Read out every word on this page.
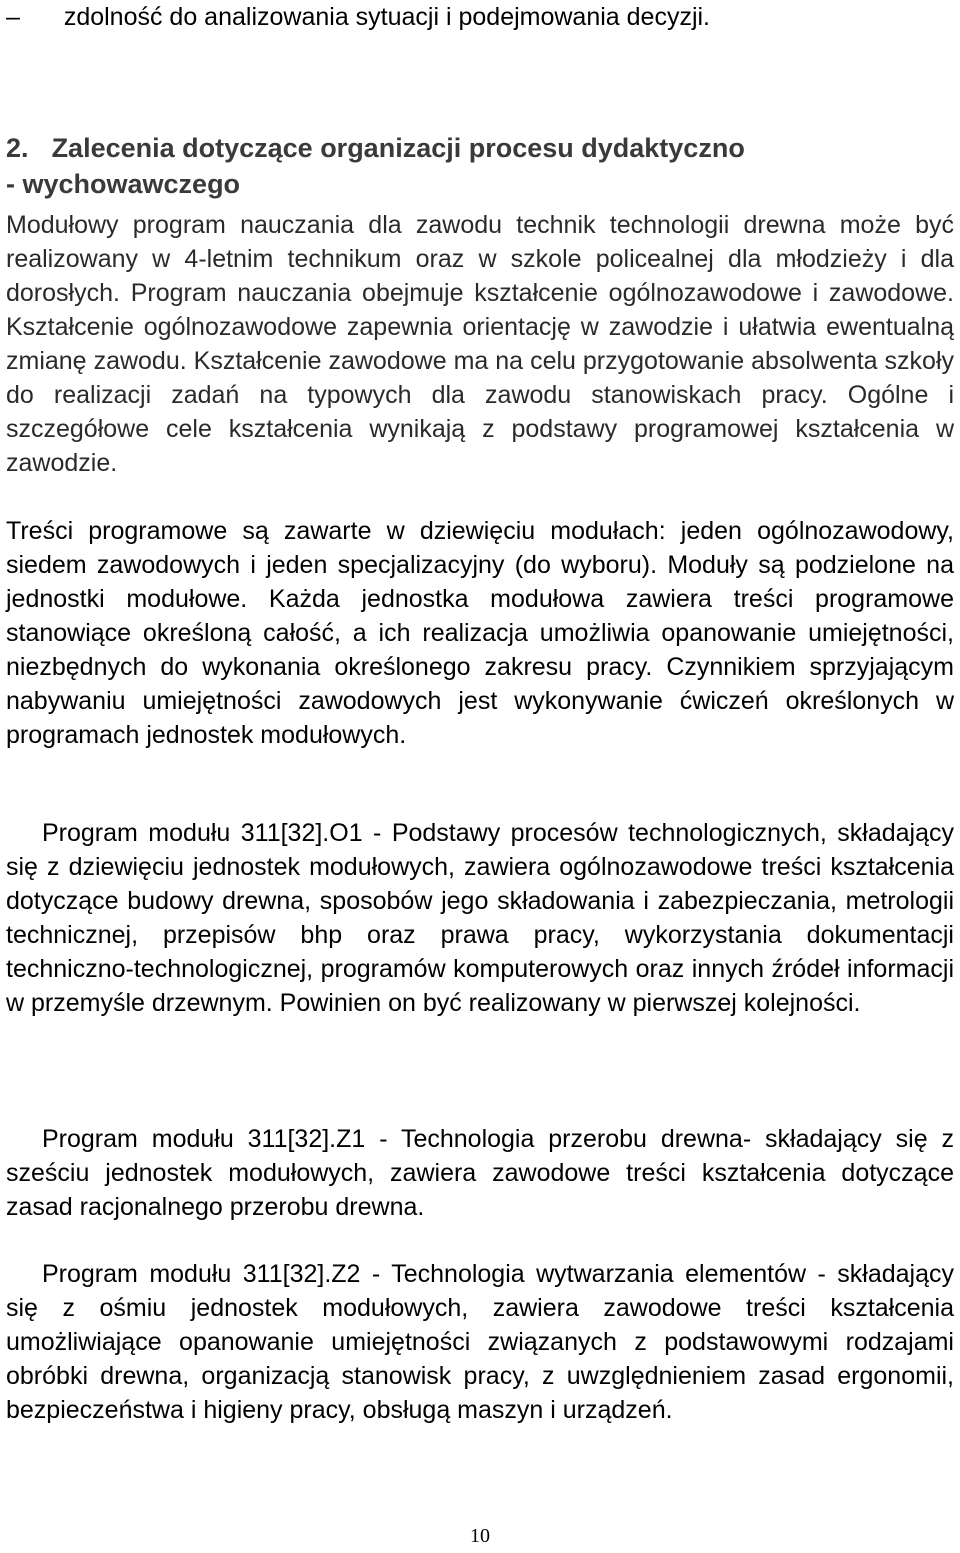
– zdolność do analizowania sytuacji i podejmowania decyzji.
2. Zalecenia dotyczące organizacji procesu dydaktyczno
- wychowawczego

Modułowy program nauczania dla zawodu technik technologii drewna może być realizowany w 4-letnim technikum oraz w szkole policealnej dla młodzieży i dla dorosłych. Program nauczania obejmuje kształcenie ogólnozawodowe i zawodowe. Kształcenie ogólnozawodowe zapewnia orientację w zawodzie i ułatwia ewentualną zmianę zawodu. Kształcenie zawodowe ma na celu przygotowanie absolwenta szkoły do realizacji zadań na typowych dla zawodu stanowiskach pracy. Ogólne i szczegółowe cele kształcenia wynikają z podstawy programowej kształcenia w zawodzie.

Treści programowe są zawarte w dziewięciu modułach: jeden ogólnozawodowy, siedem zawodowych i jeden specjalizacyjny (do wyboru). Moduły są podzielone na jednostki modułowe. Każda jednostka modułowa zawiera treści programowe stanowiące określoną całość, a ich realizacja umożliwia opanowanie umiejętności, niezbędnych do wykonania określonego zakresu pracy. Czynnikiem sprzyjającym nabywaniu umiejętności zawodowych jest wykonywanie ćwiczeń określonych w programach jednostek modułowych.

Program modułu 311[32].O1 - Podstawy procesów technologicznych, składający się z dziewięciu jednostek modułowych, zawiera ogólnozawodowe treści kształcenia dotyczące budowy drewna, sposobów jego składowania i zabezpieczania, metrologii technicznej, przepisów bhp oraz prawa pracy, wykorzystania dokumentacji techniczno-technologicznej, programów komputerowych oraz innych źródeł informacji w przemyśle drzewnym. Powinien on być realizowany w pierwszej kolejności.

Program modułu 311[32].Z1 - Technologia przerobu drewna- składający się z sześciu jednostek modułowych, zawiera zawodowe treści kształcenia dotyczące zasad racjonalnego przerobu drewna.

Program modułu 311[32].Z2 - Technologia wytwarzania elementów - składający się z ośmiu jednostek modułowych, zawiera zawodowe treści kształcenia umożliwiające opanowanie umiejętności związanych z podstawowymi rodzajami obróbki drewna, organizacją stanowisk pracy, z uwzględnieniem zasad ergonomii, bezpieczeństwa i higieny pracy, obsługą maszyn i urządzeń.

10
